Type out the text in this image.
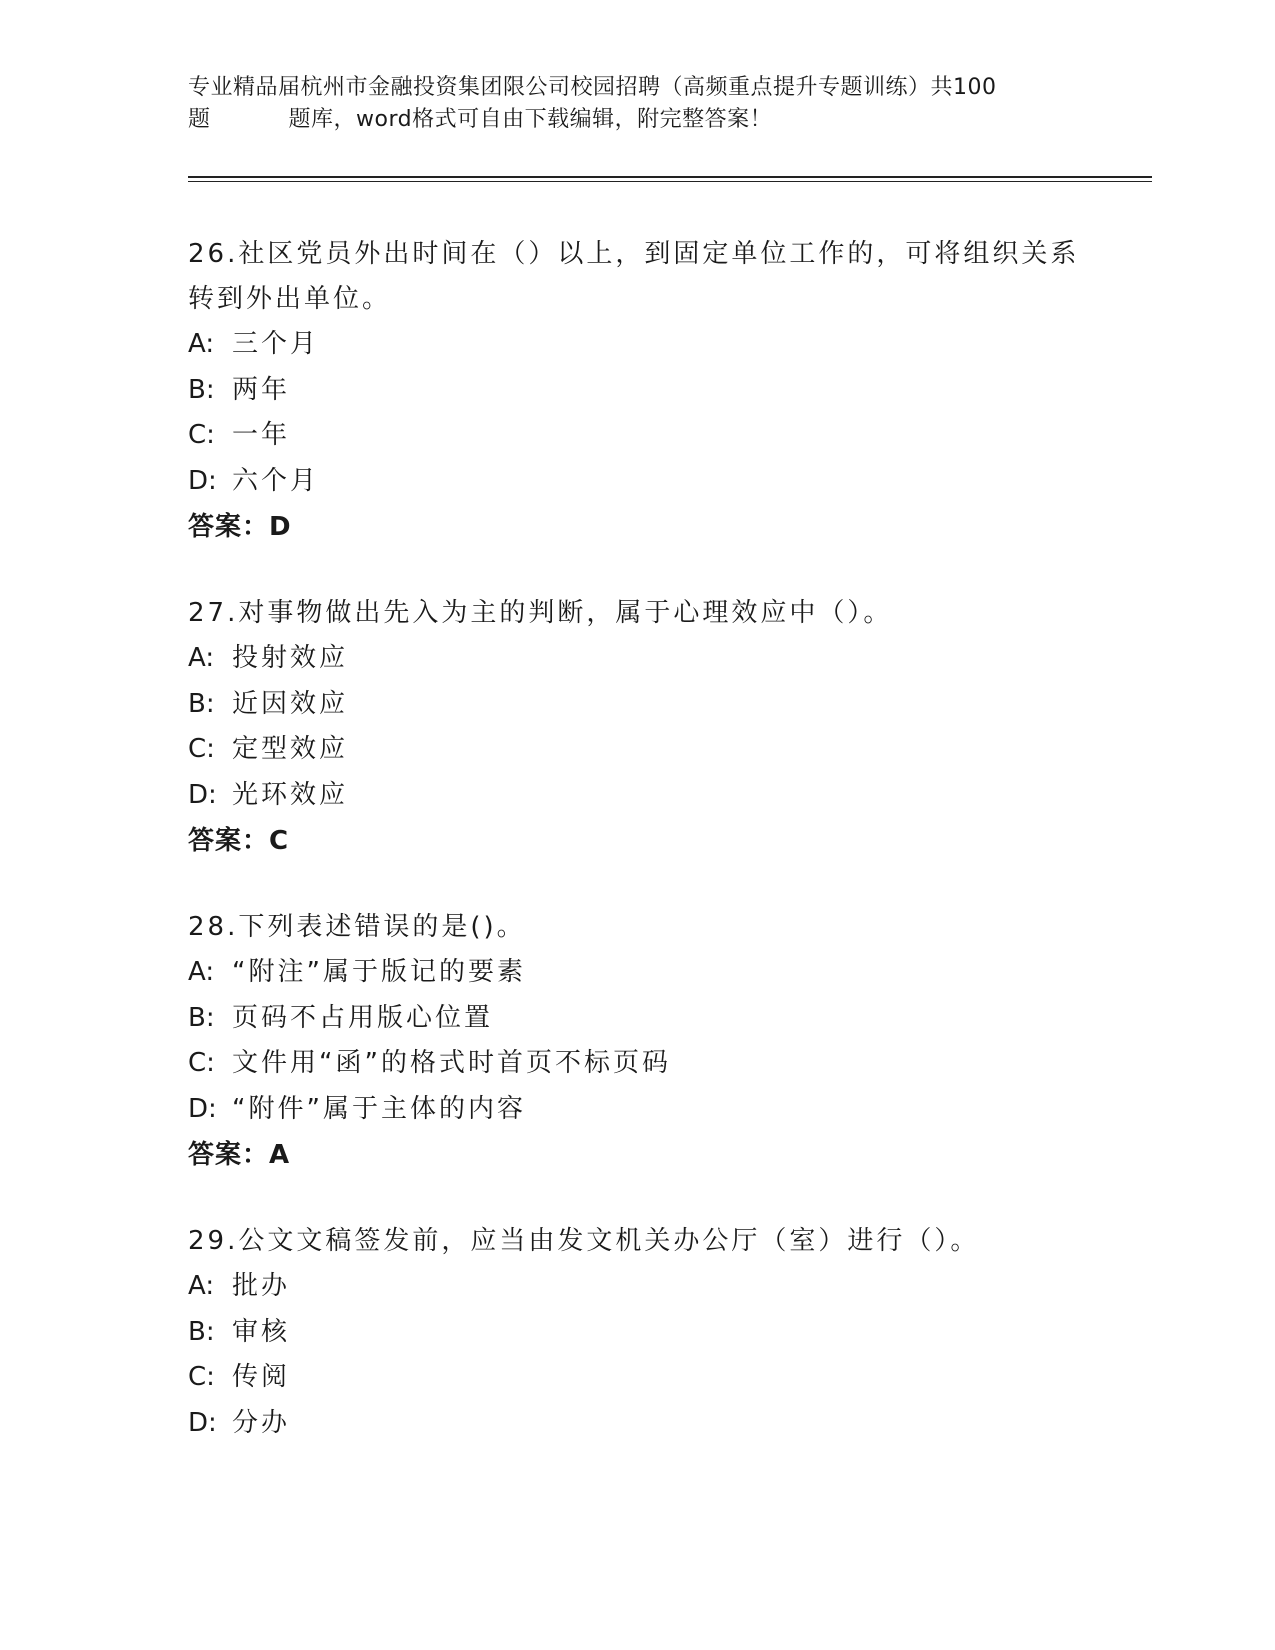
专业精品届杭州市金融投资集团限公司校园招聘（高频重点提升专题训练）共100
题	题库，word格式可自由下载编辑，附完整答案！
26.社区党员外出时间在（）以上，到固定单位工作的，可将组织关系
转到外出单位。
A: 三个月
B: 两年
C: 一年
D: 六个月
答案：D
27.对事物做出先入为主的判断，属于心理效应中（）。
A: 投射效应
B: 近因效应
C: 定型效应
D: 光环效应
答案：C
28.下列表述错误的是()。
A: “附注”属于版记的要素
B: 页码不占用版心位置
C: 文件用“函”的格式时首页不标页码
D: “附件”属于主体的内容
答案：A
29.公文文稿签发前，应当由发文机关办公厅（室）进行（）。
A: 批办
B: 审核
C: 传阅
D: 分办
